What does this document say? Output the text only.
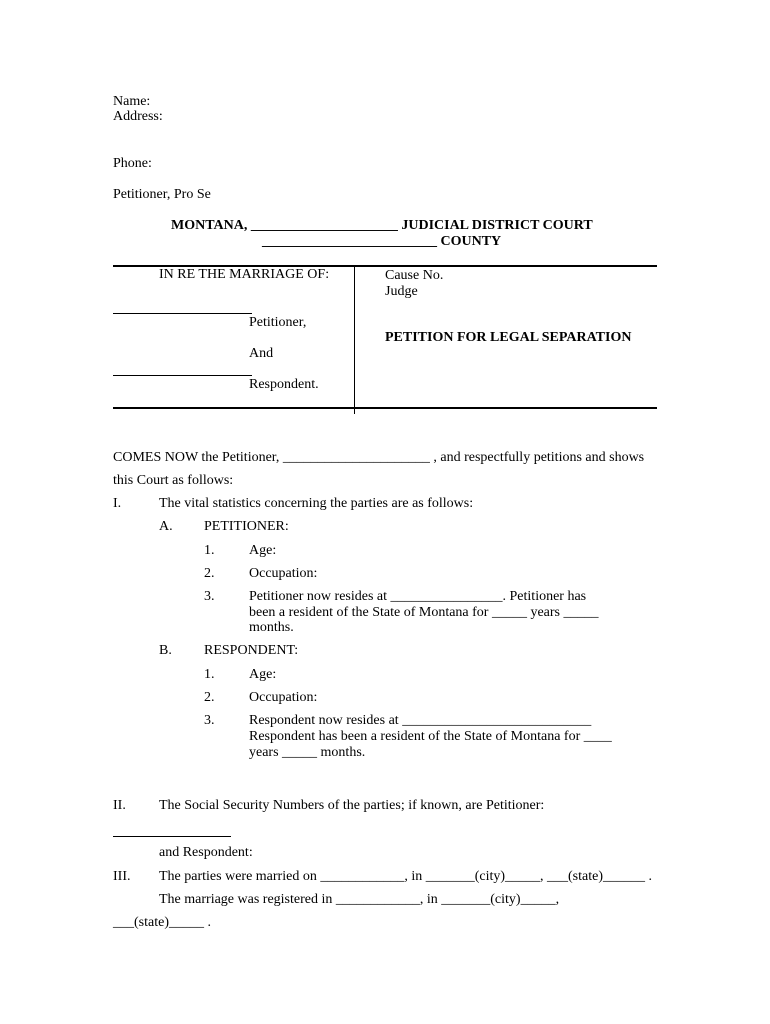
Name:
Address:
Phone:
Petitioner, Pro Se
MONTANA, _____________________ JUDICIAL DISTRICT COURT
_________________________ COUNTY
IN RE THE MARRIAGE OF:
Petitioner,
And
Respondent.
Cause No.
Judge
PETITION FOR LEGAL SEPARATION
COMES NOW the Petitioner, _____________________ , and respectfully petitions and shows
this Court as follows:
I.	The vital statistics concerning the parties are as follows:
A. PETITIONER:
1. Age:
2. Occupation:
3. Petitioner now resides at ________________. Petitioner has
been a resident of the State of Montana for _____ years _____
months.
B. RESPONDENT:
1. Age:
2. Occupation:
3. Respondent now resides at ___________________________
Respondent has been a resident of the State of Montana for ____
years _____ months.
II. The Social Security Numbers of the parties; if known, are Petitioner:
and Respondent:
III. The parties were married on ____________, in _______(city)_____, ___(state)______ .
The marriage was registered in ____________, in _______(city)_____,
___(state)_____ .
